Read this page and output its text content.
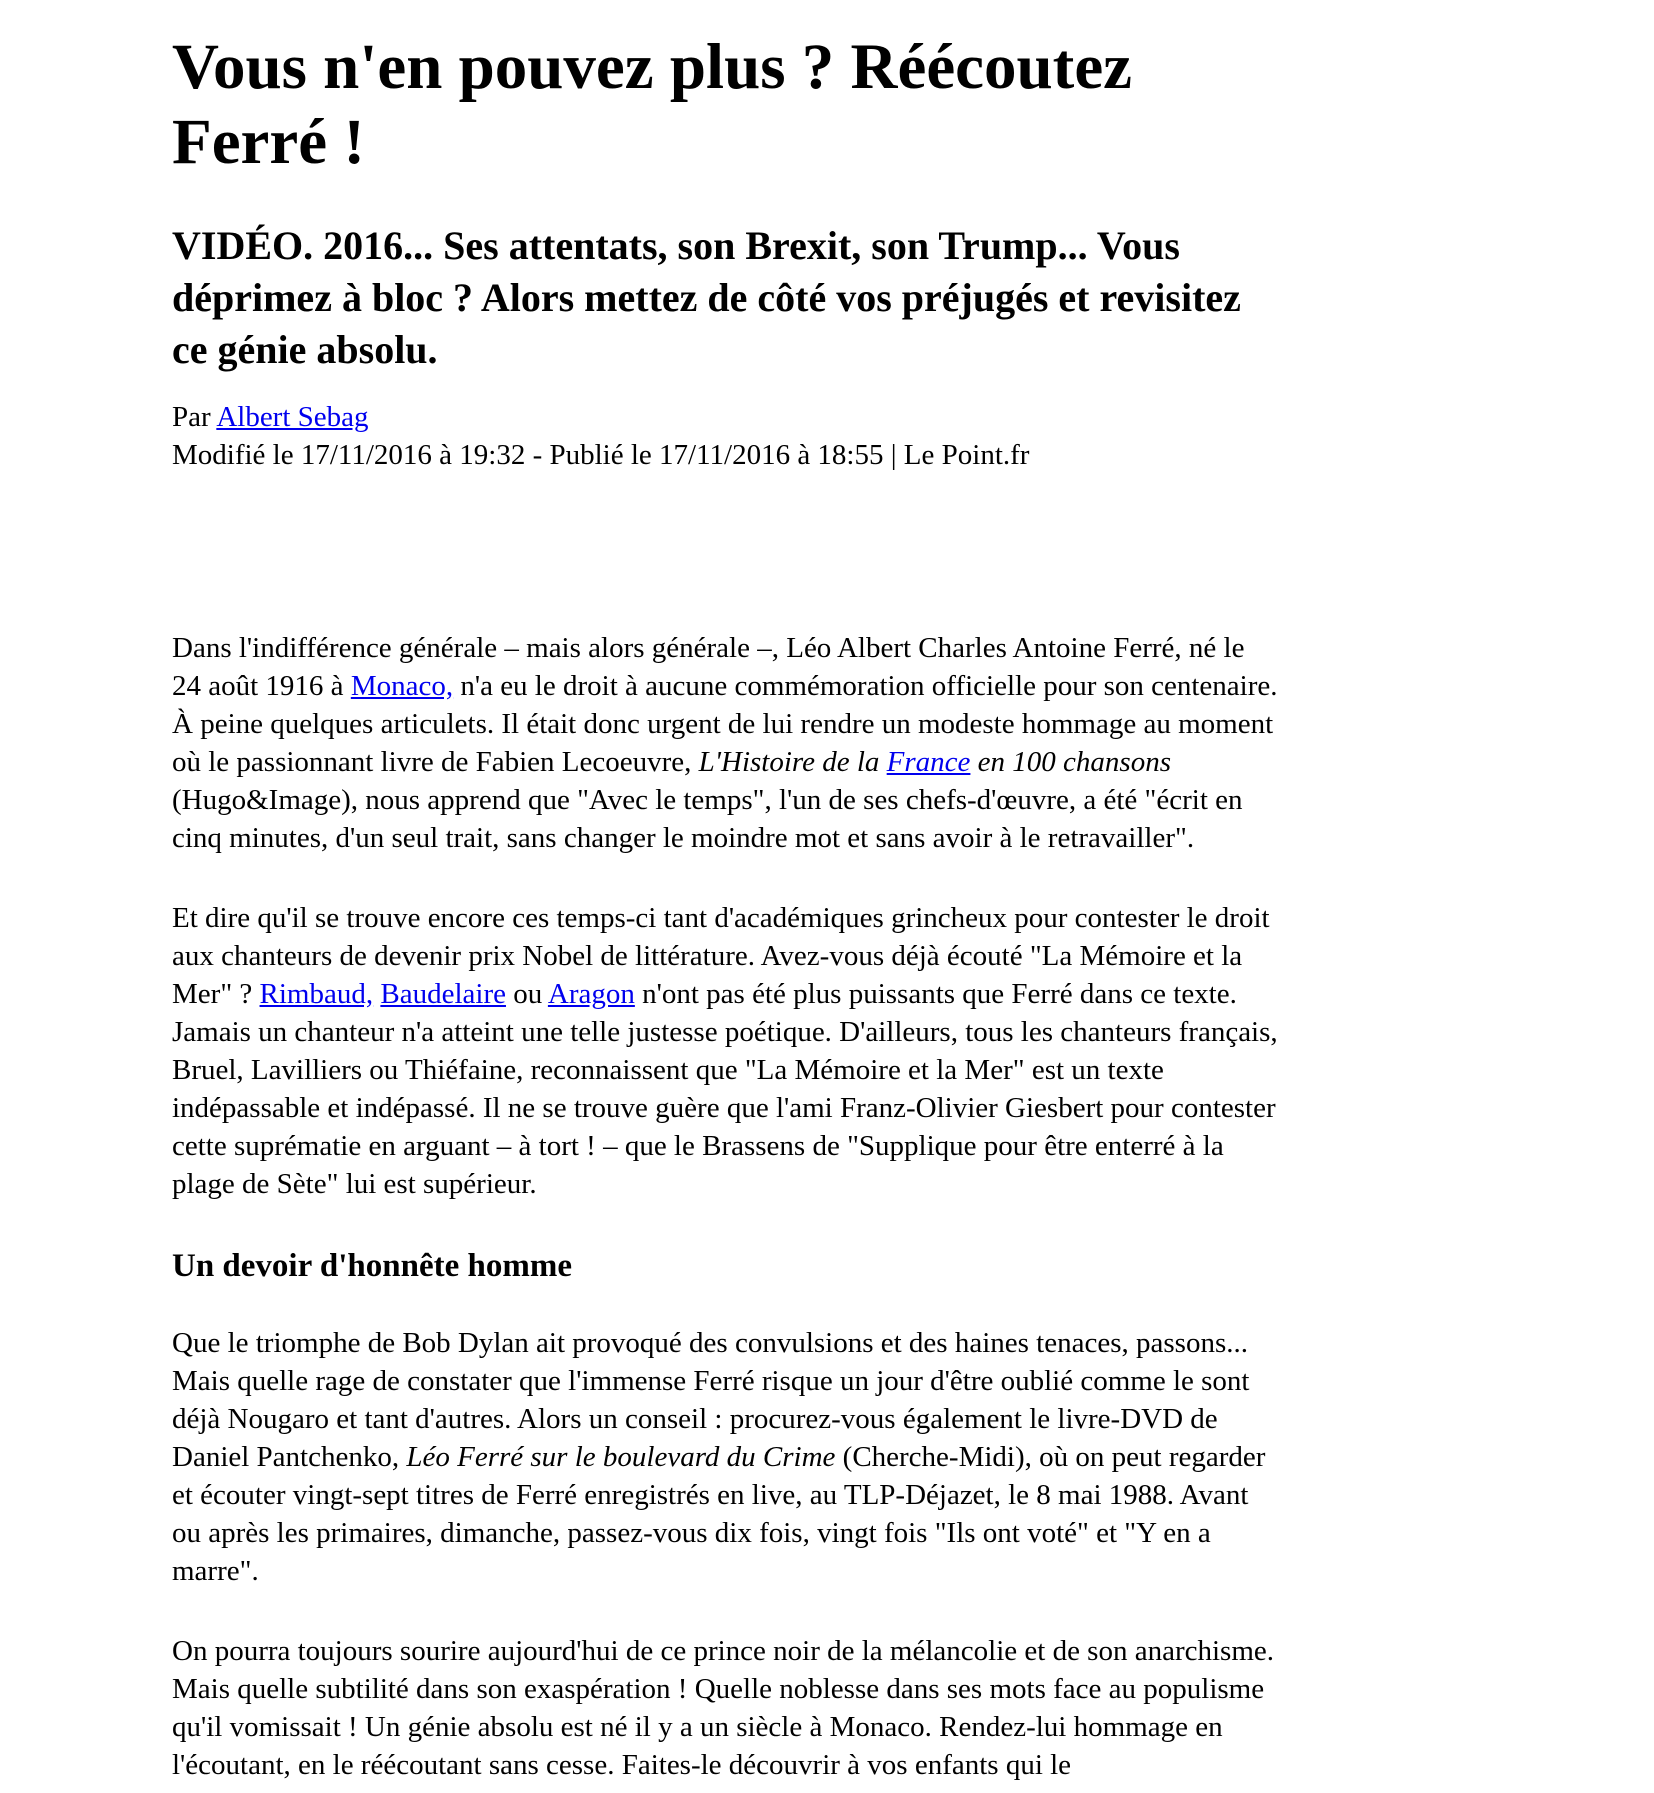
Vous n'en pouvez plus ? Réécoutez Ferré !
VIDÉO. 2016... Ses attentats, son Brexit, son Trump... Vous déprimez à bloc ? Alors mettez de côté vos préjugés et revisitez ce génie absolu.
Par Albert Sebag
Modifié le 17/11/2016 à 19:32 - Publié le 17/11/2016 à 18:55 | Le Point.fr

Dans l'indifférence générale – mais alors générale –, Léo Albert Charles Antoine Ferré, né le 24 août 1916 à Monaco, n'a eu le droit à aucune commémoration officielle pour son centenaire. À peine quelques articulets. Il était donc urgent de lui rendre un modeste hommage au moment où le passionnant livre de Fabien Lecoeuvre, L'Histoire de la France en 100 chansons (Hugo&Image), nous apprend que "Avec le temps", l'un de ses chefs-d'œuvre, a été "écrit en cinq minutes, d'un seul trait, sans changer le moindre mot et sans avoir à le retravailler".

Et dire qu'il se trouve encore ces temps-ci tant d'académiques grincheux pour contester le droit aux chanteurs de devenir prix Nobel de littérature. Avez-vous déjà écouté "La Mémoire et la Mer" ? Rimbaud, Baudelaire ou Aragon n'ont pas été plus puissants que Ferré dans ce texte. Jamais un chanteur n'a atteint une telle justesse poétique. D'ailleurs, tous les chanteurs français, Bruel, Lavilliers ou Thiéfaine, reconnaissent que "La Mémoire et la Mer" est un texte indépassable et indépassé. Il ne se trouve guère que l'ami Franz-Olivier Giesbert pour contester cette suprématie en arguant – à tort ! – que le Brassens de "Supplique pour être enterré à la plage de Sète" lui est supérieur.

Un devoir d'honnête homme

Que le triomphe de Bob Dylan ait provoqué des convulsions et des haines tenaces, passons... Mais quelle rage de constater que l'immense Ferré risque un jour d'être oublié comme le sont déjà Nougaro et tant d'autres. Alors un conseil : procurez-vous également le livre-DVD de Daniel Pantchenko, Léo Ferré sur le boulevard du Crime (Cherche-Midi), où on peut regarder et écouter vingt-sept titres de Ferré enregistrés en live, au TLP-Déjazet, le 8 mai 1988. Avant ou après les primaires, dimanche, passez-vous dix fois, vingt fois "Ils ont voté" et "Y en a marre".

On pourra toujours sourire aujourd'hui de ce prince noir de la mélancolie et de son anarchisme. Mais quelle subtilité dans son exaspération ! Quelle noblesse dans ses mots face au populisme qu'il vomissait ! Un génie absolu est né il y a un siècle à Monaco. Rendez-lui hommage en l'écoutant, en le réécoutant sans cesse. Faites-le découvrir à vos enfants qui le
